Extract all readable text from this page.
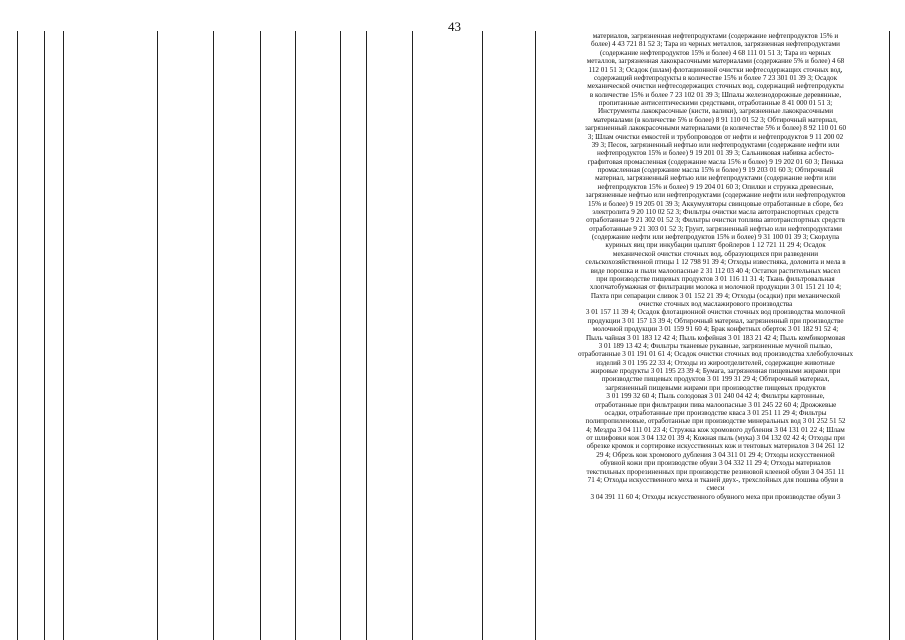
43
материалов, загрязненная нефтепродуктами (содержание нефтепродуктов 15% и
более) 4 43 721 81 52 3; Тара из черных металлов, загрязненная нефтепродуктами
(содержание нефтепродуктов 15% и более) 4 68 111 01 51 3; Тара из черных
металлов, загрязненная лакокрасочными материалами (содержание 5% и более) 4 68
112 01 51 3; Осадок (шлам) флотационной очистки нефтесодержащих сточных вод,
содержащий нефтепродукты в количестве 15% и более 7 23 301 01 39 3; Осадок
механической очистки нефтесодержащих сточных вод, содержащий нефтепродукты
в количестве 15% и более 7 23 102 01 39 3; Шпалы железнодорожные деревянные,
пропитанные антисептическими средствами, отработанные 8 41 000 01 51 3;
Инструменты лакокрасочные (кисти, валики), загрязненные лакокрасочными
материалами (в количестве 5% и более) 8 91 110 01 52 3; Обтирочный материал,
загрязненный лакокрасочными материалами (в количестве 5% и более) 8 92 110 01 60
3; Шлам очистки емкостей и трубопроводов от нефти и нефтепродуктов 9 11 200 02
39 3; Песок, загрязненный нефтью или нефтепродуктами (содержание нефти или
нефтепродуктов 15% и более) 9 19 201 01 39 3; Сальниковая набивка асбесто-
графитовая промасленная (содержание масла 15% и более) 9 19 202 01 60 3; Пенька
промасленная (содержание масла 15% и более) 9 19 203 01 60 3; Обтирочный
материал, загрязненный нефтью или нефтепродуктами (содержание нефти или
нефтепродуктов 15% и более) 9 19 204 01 60 3; Опилки и стружка древесные,
загрязненные нефтью или нефтепродуктами (содержание нефти или нефтепродуктов
15% и более) 9 19 205 01 39 3; Аккумуляторы свинцовые отработанные в сборе, без
электролита 9 20 110 02 52 3; Фильтры очистки масла автотранспортных средств
отработанные 9 21 302 01 52 3; Фильтры очистки топлива автотранспортных средств
отработанные 9 21 303 01 52 3; Грунт, загрязненный нефтью или нефтепродуктами
(содержание нефти или нефтепродуктов 15% и более) 9 31 100 01 39 3; Скорлупа
куриных яиц при инкубации цыплят бройлеров 1 12 721 11 29 4; Осадок
механической очистки сточных вод, образующихся при разведении
сельскохозяйственной птицы 1 12 798 91 39 4; Отходы известняка, доломита и мела в
виде порошка и пыли малоопасные 2 31 112 03 40 4; Остатки растительных масел
при производстве пищевых продуктов 3 01 116 11 31 4; Ткань фильтровальная
хлопчатобумажная от фильтрации молока и молочной продукции 3 01 151 21 10 4;
Пахта при сепарации сливок 3 01 152 21 39 4; Отходы (осадки) при механической
очистке сточных вод маслажирового производства
3 01 157 11 39 4; Осадок флотационной очистки сточных вод производства молочной
продукции 3 01 157 13 39 4; Обтирочный материал, загрязненный при производстве
молочной продукции 3 01 159 91 60 4; Брак конфетных оберток 3 01 182 91 52 4;
Пыль чайная 3 01 183 12 42 4; Пыль кофейная 3 01 183 21 42 4; Пыль комбикормовая
3 01 189 13 42 4; Фильтры тканевые рукавные, загрязненные мучной пылью,
отработанные 3 01 191 01 61 4; Осадок очистки сточных вод производства хлебобулочных
изделий 3 01 195 22 33 4; Отходы из жироотделителей, содержащие животные
жировые продукты 3 01 195 23 39 4; Бумага, загрязненная пищевыми жирами при
производстве пищевых продуктов 3 01 199 31 29 4; Обтирочный материал,
загрязненный пищевыми жирами при производстве пищевых продуктов
3 01 199 32 60 4; Пыль солодовая 3 01 240 04 42 4; Фильтры картонные,
отработанные при фильтрации пива малоопасные 3 01 245 22 60 4; Дрожжевые
осадки, отработанные при производстве кваса 3 01 251 11 29 4; Фильтры
полипропиленовые, отработанные при производстве минеральных вод 3 01 252 51 52
4; Мездра 3 04 111 01 23 4; Стружка кож хромового дубления 3 04 131 01 22 4; Шлам
от шлифовки кож 3 04 132 01 39 4; Кожная пыль (мука) 3 04 132 02 42 4; Отходы при
обрезке кромок и сортировке искусственных кож и тентовых материалов 3 04 261 12
29 4; Обрезь кож хромового дубления 3 04 311 01 29 4; Отходы искусственной
обувной кожи при производстве обуви 3 04 332 11 29 4; Отходы материалов
текстильных прорезиненных при производстве резиновой клееной обуви 3 04 351 11
71 4; Отходы искусственного меха и тканей двух-, трехслойных для пошива обуви в
смеси
3 04 391 11 60 4; Отходы искусственного обувного меха при производстве обуви 3
